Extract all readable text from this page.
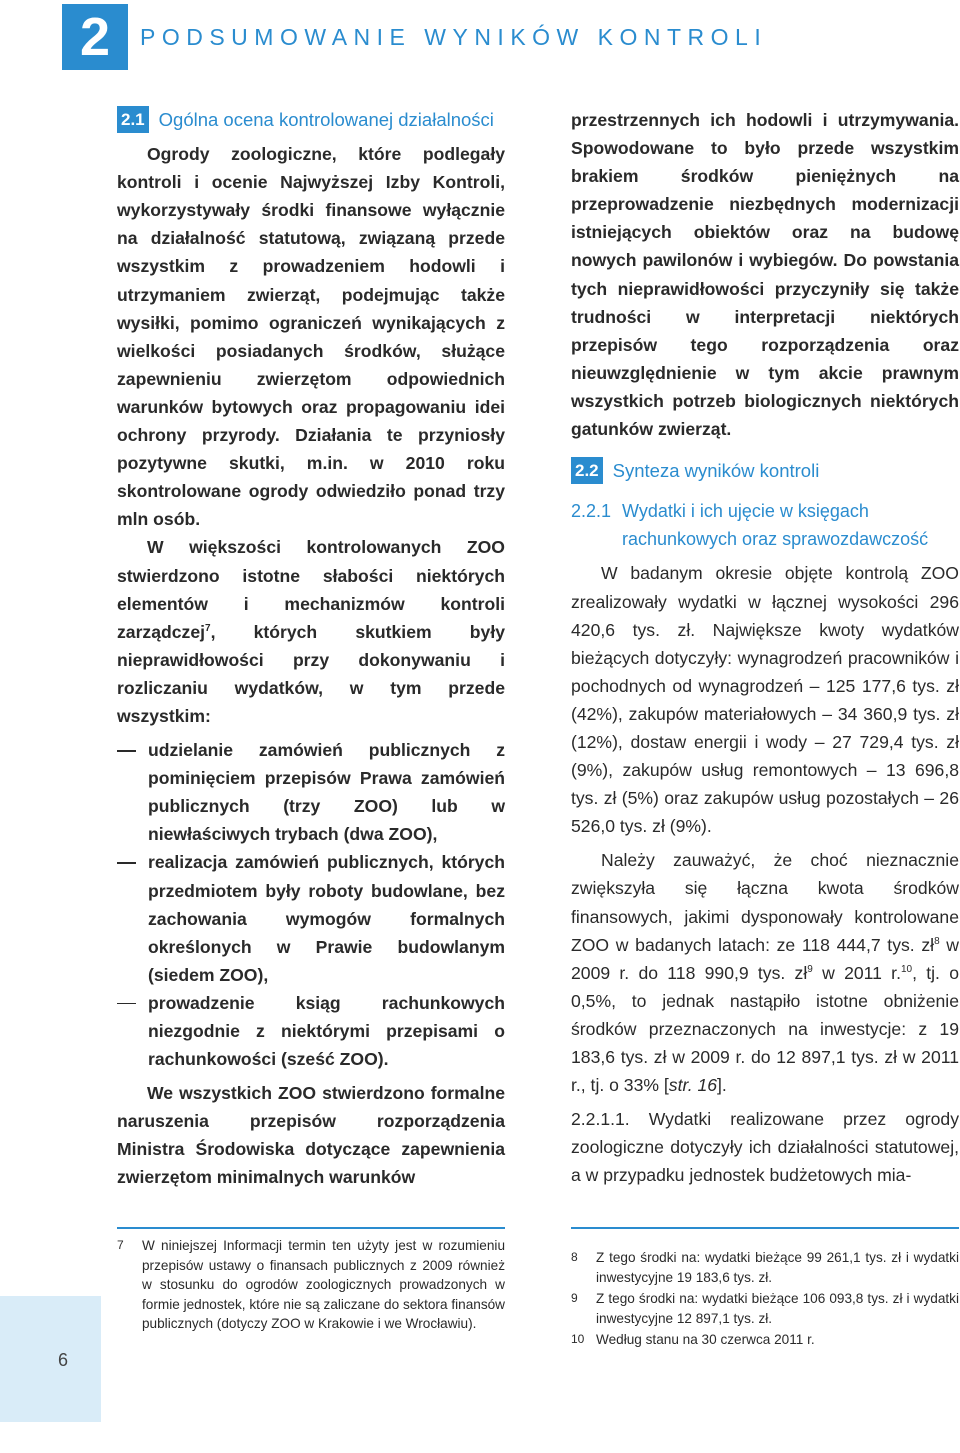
2 PODSUMOWANIE WYNIKÓW KONTROLI
2.1 Ogólna ocena kontrolowanej działalności

Ogrody zoologiczne, które podlegały kontroli i ocenie Najwyższej Izby Kontroli, wykorzystywały środki finansowe wyłącznie na działalność statutową, związaną przede wszystkim z prowadzeniem hodowli i utrzymaniem zwierząt, podejmując także wysiłki, pomimo ograniczeń wynikających z wielkości posiadanych środków, służące zapewnieniu zwierzętom odpowiednich warunków bytowych oraz propagowaniu idei ochrony przyrody. Działania te przyniosły pozytywne skutki, m.in. w 2010 roku skontrolowane ogrody odwiedziło ponad trzy mln osób.

W większości kontrolowanych ZOO stwierdzono istotne słabości niektórych elementów i mechanizmów kontroli zarządczej$^7$, których skutkiem były nieprawidłowości przy dokonywaniu i rozliczaniu wydatków, w tym przede wszystkim:

udzielanie zamówień publicznych z pominięciem przepisów Prawa zamówień publicznych (trzy ZOO) lub w niewłaściwych trybach (dwa ZOO),
realizacja zamówień publicznych, których przedmiotem były roboty budowlane, bez zachowania wymogów formalnych określonych w Prawie budowlanym (siedem ZOO),
prowadzenie ksiąg rachunkowych niezgodnie z niektórymi przepisami o rachunkowości (sześć ZOO).

We wszystkich ZOO stwierdzono formalne naruszenia przepisów rozporządzenia Ministra Środowiska dotyczące zapewnienia zwierzętom minimalnych warunków

przestrzennych ich hodowli i utrzymywania. Spowodowane to było przede wszystkim brakiem środków pieniężnych na przeprowadzenie niezbędnych modernizacji istniejących obiektów oraz na budowę nowych pawilonów i wybiegów. Do powstania tych nieprawidłowości przyczyniły się także trudności w interpretacji niektórych przepisów tego rozporządzenia oraz nieuwzględnienie w tym akcie prawnym wszystkich potrzeb biologicznych niektórych gatunków zwierząt.

2.2 Synteza wyników kontroli
2.2.1 Wydatki i ich ujęcie w księgach rachunkowych oraz sprawozdawczość

W badanym okresie objęte kontrolą ZOO zrealizowały wydatki w łącznej wysokości 296 420,6 tys. zł. Największe kwoty wydatków bieżących dotyczyły: wynagrodzeń pracowników i pochodnych od wynagrodzeń – 125 177,6 tys. zł (42%), zakupów materiałowych – 34 360,9 tys. zł (12%), dostaw energii i wody – 27 729,4 tys. zł (9%), zakupów usług remontowych – 13 696,8 tys. zł (5%) oraz zakupów usług pozostałych – 26 526,0 tys. zł (9%).

Należy zauważyć, że choć nieznacznie zwiększyła się łączna kwota środków finansowych, jakimi dysponowały kontrolowane ZOO w badanych latach: ze 118 444,7 tys. $zł^8$ w 2009 r. do 118 990,9 tys. $zł^9$ w 2011 r.$^{10}$, tj. o 0,5%, to jednak nastąpiło istotne obniżenie środków przeznaczonych na inwestycje: z 19 183,6 tys. zł w 2009 r. do 12 897,1 tys. zł w 2011 r., tj. o 33% [str. 16].

2.2.1.1. Wydatki realizowane przez ogrody zoologiczne dotyczyły ich działalności statutowej, a w przypadku jednostek budżetowych mia-

7	W niniejszej Informacji termin ten użyty jest w rozumieniu przepisów ustawy o finansach publicznych z 2009 również w stosunku do ogrodów zoologicznych prowadzonych w formie jednostek, które nie są zaliczane do sektora finansów publicznych (dotyczy ZOO w Krakowie i we Wrocławiu).
8	Z tego środki na: wydatki bieżące 99 261,1 tys. zł i wydatki inwestycyjne 19 183,6 tys. zł.
9	Z tego środki na: wydatki bieżące 106 093,8 tys. zł i wydatki inwestycyjne 12 897,1 tys. zł.
10 Według stanu na 30 czerwca 2011 r.
6
